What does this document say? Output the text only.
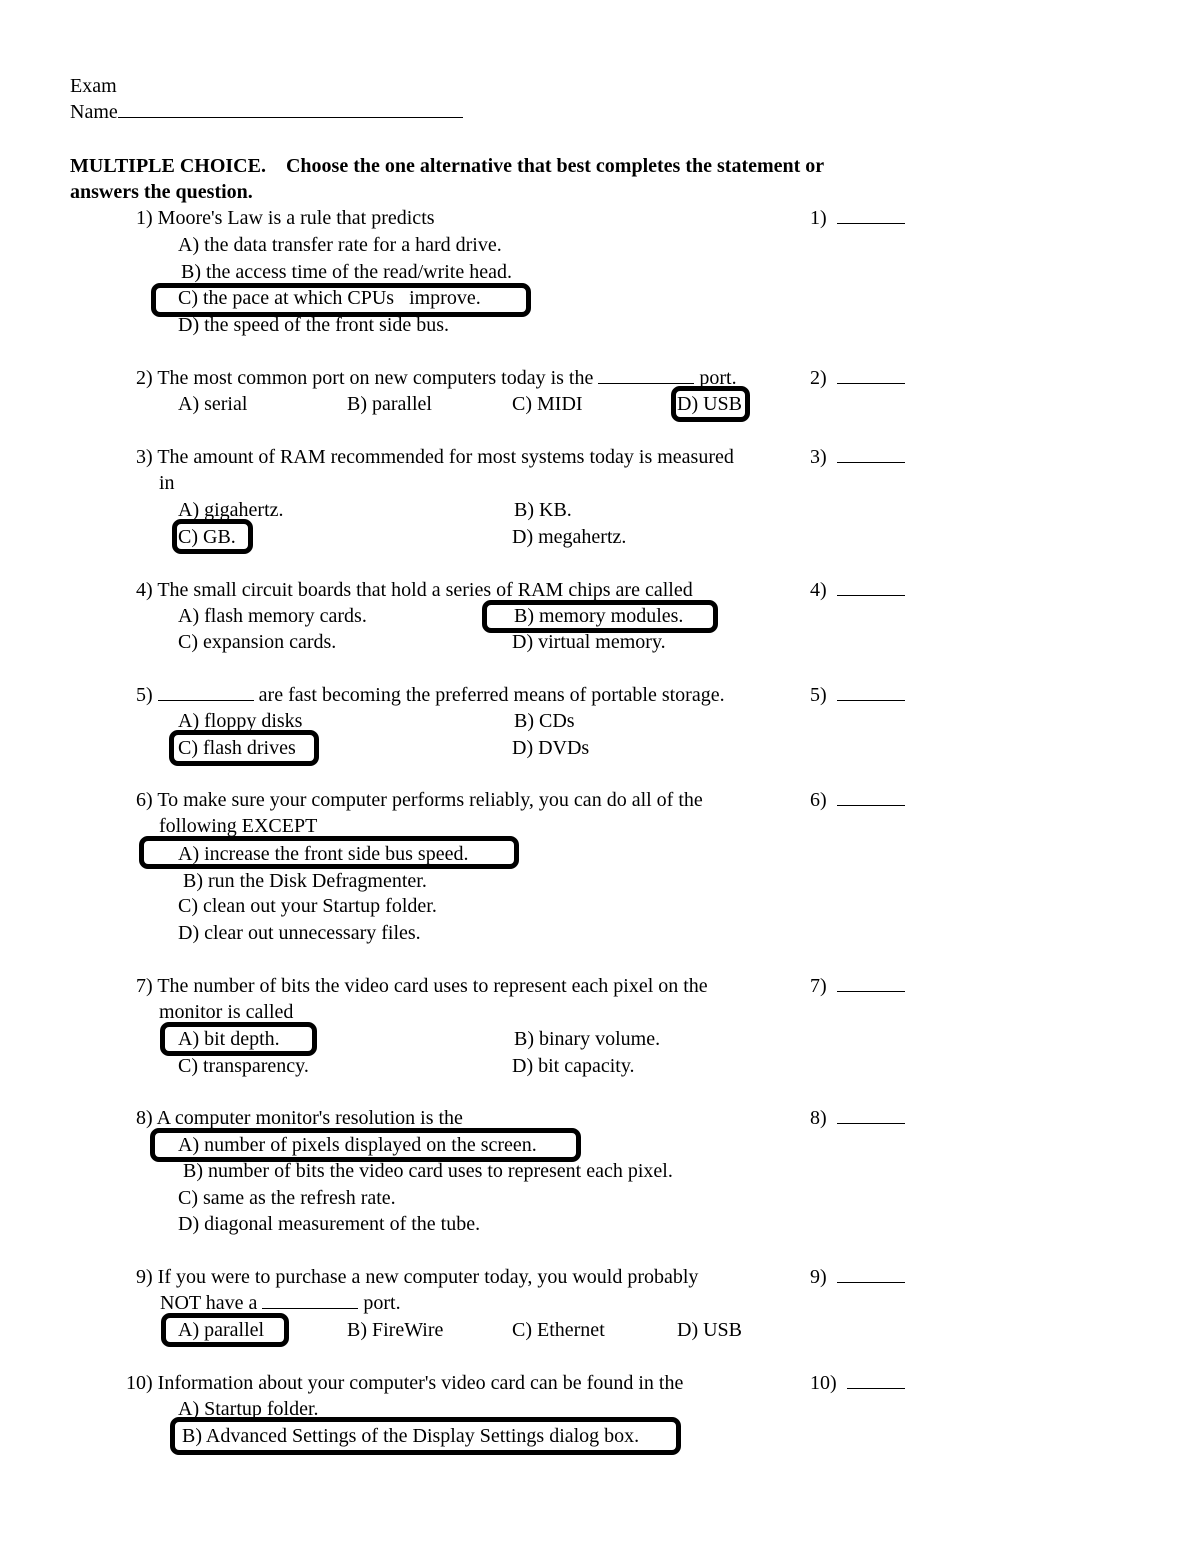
Exam
Name
MULTIPLE CHOICE. Choose the one alternative that best completes the statement or
answers the question.
1) Moore's Law is a rule that predicts	1)
A) the data transfer rate for a hard drive.
B) the access time of the read/write head.
C) the pace at which CPUs   improve.
D) the speed of the front side bus.
2) The most common port on new computers today is the	port.	2)
A) serial	B) parallel	C) MIDI	D) USB
3) The amount of RAM recommended for most systems today is measured
in
3)
A) gigahertz.	B) KB.
C) GB.	D) megahertz.
4) The small circuit boards that hold a series of RAM chips are called	4)
A) flash memory cards.	B) memory modules.
C) expansion cards.	D) virtual memory.
5)	are fast becoming the preferred means of portable storage.	5)
A) floppy disks	B) CDs
C) flash drives	D) DVDs
6) To make sure your computer performs reliably, you can do all of the
following EXCEPT
6)
A) increase the front side bus speed.
B) run the Disk Defragmenter.
C) clean out your Startup folder.
D) clear out unnecessary files.
7) The number of bits the video card uses to represent each pixel on the
monitor is called
7)
A) bit depth.	B) binary volume.
C) transparency.	D) bit capacity.
8) A computer monitor's resolution is the	8)
A) number of pixels displayed on the screen.
B) number of bits the video card uses to represent each pixel.
C) same as the refresh rate.
D) diagonal measurement of the tube.
9) If you were to purchase a new computer today, you would probably
NOT have a	port.
9)
A) parallel	B) FireWire	C) Ethernet	D) USB
10) Information about your computer's video card can be found in the	10)
A) Startup folder.
B) Advanced Settings of the Display Settings dialog box.
